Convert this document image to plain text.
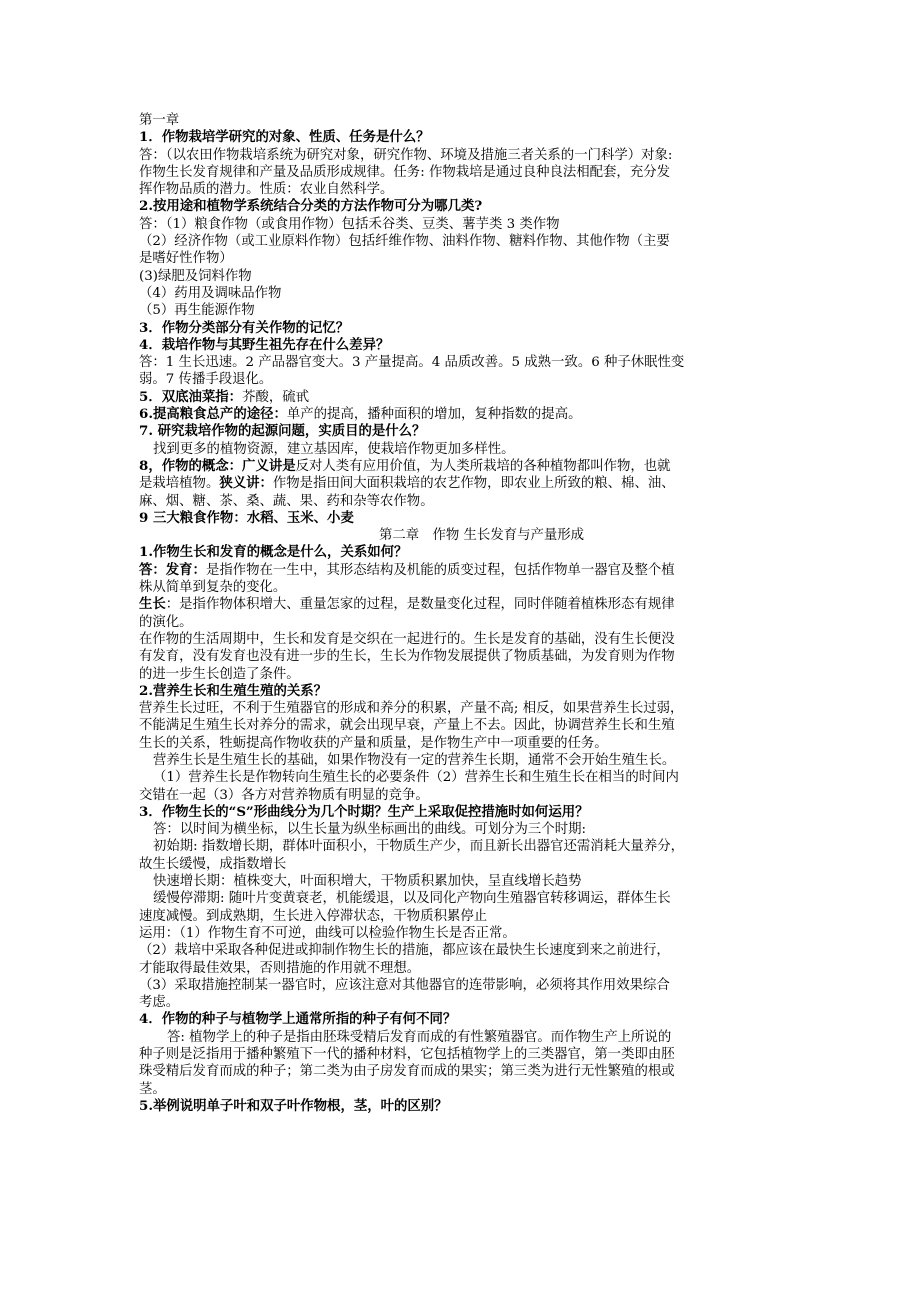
第一章
1．作物栽培学研究的对象、性质、任务是什么？
答：（以农田作物栽培系统为研究对象，研究作物、环境及措施三者关系的一门科学）对象:
作物生长发育规律和产量及品质形成规律。任务: 作物栽培是通过良种良法相配套，充分发
挥作物品质的潜力。性质：农业自然科学。
2.按用途和植物学系统结合分类的方法作物可分为哪几类?
答：（1）粮食作物（或食用作物）包括禾谷类、豆类、薯芋类 3 类作物
（2）经济作物（或工业原料作物）包括纤维作物、油料作物、糖料作物、其他作物（主要
是嗜好性作物）
(3)绿肥及饲料作物
（4）药用及调味品作物
（5）再生能源作物
3．作物分类部分有关作物的记忆？
4．栽培作物与其野生祖先存在什么差异？
答：1 生长迅速。2 产品器官变大。3 产量提高。4 品质改善。5 成熟一致。6 种子休眠性变
弱。7 传播手段退化。
5．双底油菜指：芥酸，硫甙
6.提高粮食总产的途径：单产的提高，播种面积的增加，复种指数的提高。
7. 研究栽培作物的起源问题，实质目的是什么？
找到更多的植物资源，建立基因库，使栽培作物更加多样性。
8，作物的概念：广义讲是反对人类有应用价值，为人类所栽培的各种植物都叫作物，也就
是栽培植物。狭义讲：作物是指田间大面积栽培的农艺作物，即农业上所致的粮、棉、油、
麻、烟、糖、茶、桑、蔬、果、药和杂等农作物。
9 三大粮食作物：水稻、玉米、小麦
第二章　作物 生长发育与产量形成
1.作物生长和发育的概念是什么，关系如何？
答：发育：是指作物在一生中，其形态结构及机能的质变过程，包括作物单一器官及整个植
株从简单到复杂的变化。
生长：是指作物体积增大、重量怎家的过程，是数量变化过程，同时伴随着植株形态有规律
的演化。
在作物的生活周期中，生长和发育是交织在一起进行的。生长是发育的基础，没有生长便没
有发育，没有发育也没有进一步的生长，生长为作物发展提供了物质基础，为发育则为作物
的进一步生长创造了条件。
2.营养生长和生殖生殖的关系？
营养生长过旺，不利于生殖器官的形成和养分的积累，产量不高; 相反，如果营养生长过弱，
不能满足生殖生长对养分的需求，就会出现早衰，产量上不去。因此，协调营养生长和生殖
生长的关系，牲蛎提高作物收获的产量和质量，是作物生产中一项重要的任务。
营养生长是生殖生长的基础，如果作物没有一定的营养生长期，通常不会开始生殖生长。
（1）营养生长是作物转向生殖生长的必要条件（2）营养生长和生殖生长在相当的时间内
交错在一起（3）各方对营养物质有明显的竞争。
3．作物生长的“S”形曲线分为几个时期？生产上采取促控措施时如何运用？
答：以时间为横坐标，以生长量为纵坐标画出的曲线。可划分为三个时期:
初始期: 指数增长期，群体叶面积小，干物质生产少，而且新长出器官还需消耗大量养分，
故生长缓慢，成指数增长
快速增长期：植株变大，叶面积增大，干物质积累加快，呈直线增长趋势
缓慢停滞期: 随叶片变黄衰老，机能缓退，以及同化产物向生殖器官转移调运，群体生长
速度减慢。到成熟期，生长进入停滞状态，干物质积累停止
运用：（1）作物生育不可逆，曲线可以检验作物生长是否正常。
（2）栽培中采取各种促进或抑制作物生长的措施，都应该在最快生长速度到来之前进行，
才能取得最佳效果，否则措施的作用就不理想。
（3）采取措施控制某一器官时，应该注意对其他器官的连带影响，必须将其作用效果综合
考虑。
4．作物的种子与植物学上通常所指的种子有何不同？
答: 植物学上的种子是指由胚珠受精后发育而成的有性繁殖器官。而作物生产上所说的
种子则是泛指用于播种繁殖下一代的播种材料，它包括植物学上的三类器官，第一类即由胚
珠受精后发育而成的种子；第二类为由子房发育而成的果实；第三类为进行无性繁殖的根或
茎。
5.举例说明单子叶和双子叶作物根，茎，叶的区别？
